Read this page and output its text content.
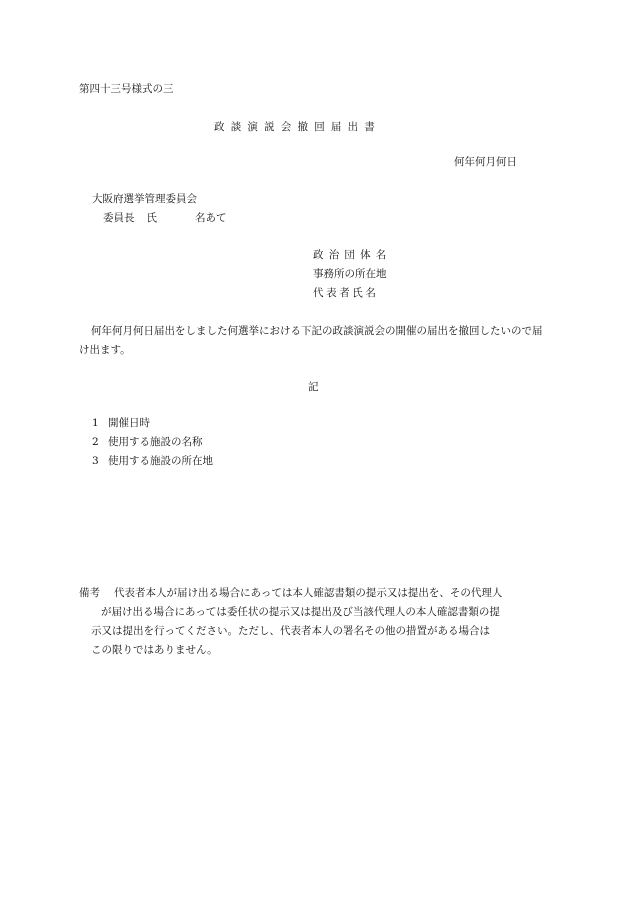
第四十三号様式の三
政談演説会撤回届出書
何年何月何日
大阪府選挙管理委員会
委員長 氏	名あて
政治団体名
事務所の所在地
代表者氏名
何年何月何日届出をしました何選挙における下記の政談演説会の開催の届出を撤回したいので届け出ます。
記
1 開催日時
2 使用する施設の名称
3 使用する施設の所在地
備考 代表者本人が届け出る場合にあっては本人確認書類の提示又は提出を、その代理人
が届け出る場合にあっては委任状の提示又は提出及び当該代理人の本人確認書類の提
示又は提出を行ってください。ただし、代表者本人の署名その他の措置がある場合は
この限りではありません。
